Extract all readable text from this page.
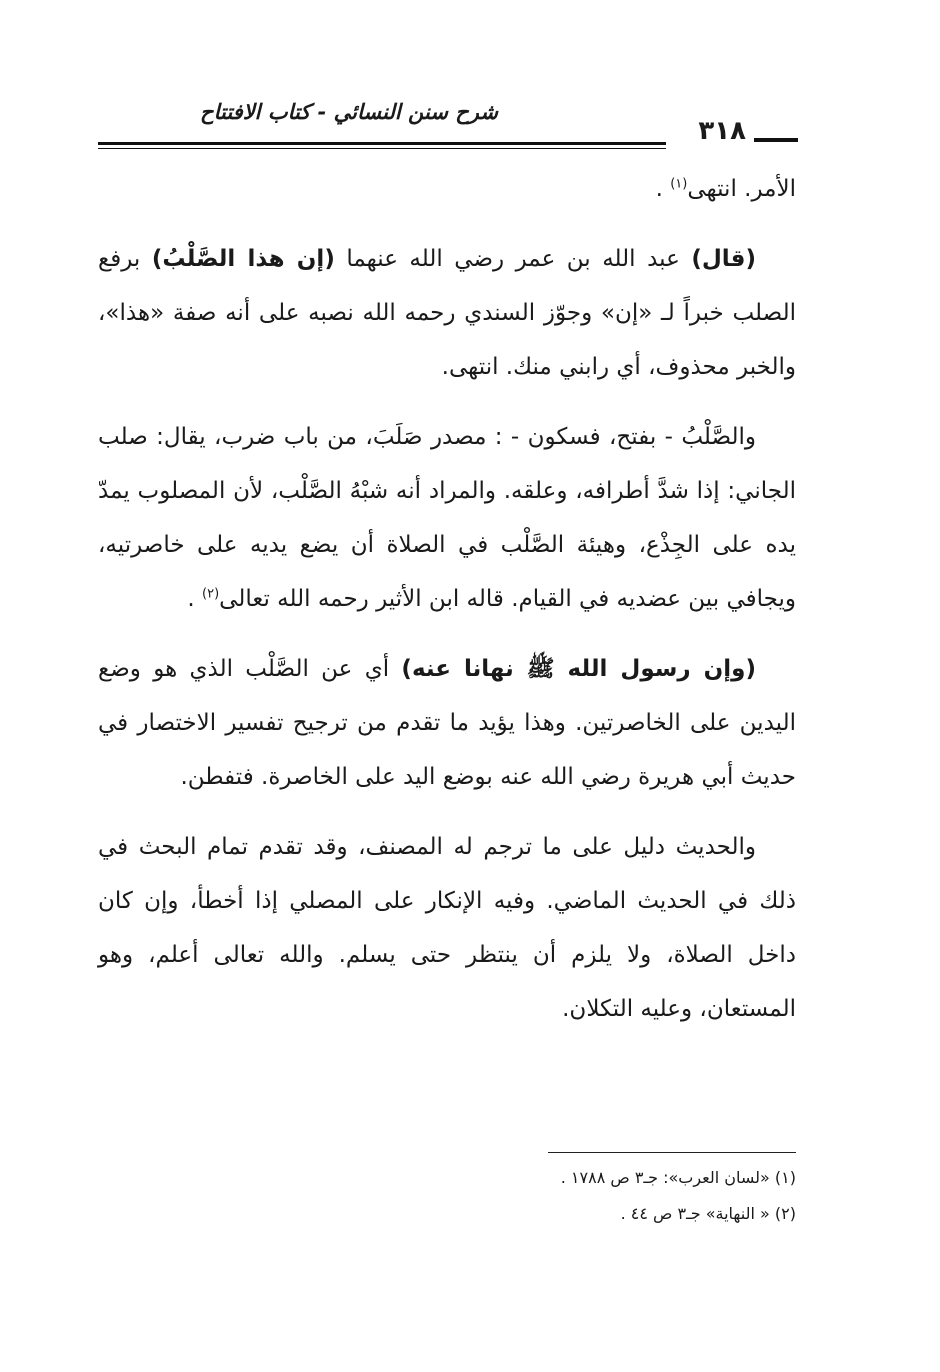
شرح سنن النسائي - كتاب الافتتاح
٣١٨

الأمر. انتهى$^{(١)}$ .

(قال) عبد الله بن عمر رضي الله عنهما (إن هذا الصَّلْبُ) برفع الصلب خبراً لـ «إن» وجوّز السندي رحمه الله نصبه على أنه صفة «هذا»، والخبر محذوف، أي رابني منك. انتهى.

والصَّلْبُ - بفتح، فسكون - : مصدر صَلَبَ، من باب ضرب، يقال: صلب الجاني: إذا شدَّ أطرافه، وعلقه. والمراد أنه شبْهُ الصَّلْب، لأن المصلوب يمدّ يده على الجِذْع، وهيئة الصَّلْب في الصلاة أن يضع يديه على خاصرتيه، ويجافي بين عضديه في القيام. قاله ابن الأثير رحمه الله تعالى$^{(٢)}$ .

(وإن رسول الله ﷺ نهانا عنه) أي عن الصَّلْب الذي هو وضع اليدين على الخاصرتين. وهذا يؤيد ما تقدم من ترجيح تفسير الاختصار في حديث أبي هريرة رضي الله عنه بوضع اليد على الخاصرة. فتفطن.

والحديث دليل على ما ترجم له المصنف، وقد تقدم تمام البحث في ذلك في الحديث الماضي. وفيه الإنكار على المصلي إذا أخطأ، وإن كان داخل الصلاة، ولا يلزم أن ينتظر حتى يسلم. والله تعالى أعلم، وهو المستعان، وعليه التكلان.

(١) «لسان العرب»: جـ٣ ص ١٧٨٨ .
(٢) « النهاية» جـ٣ ص ٤٤ .
